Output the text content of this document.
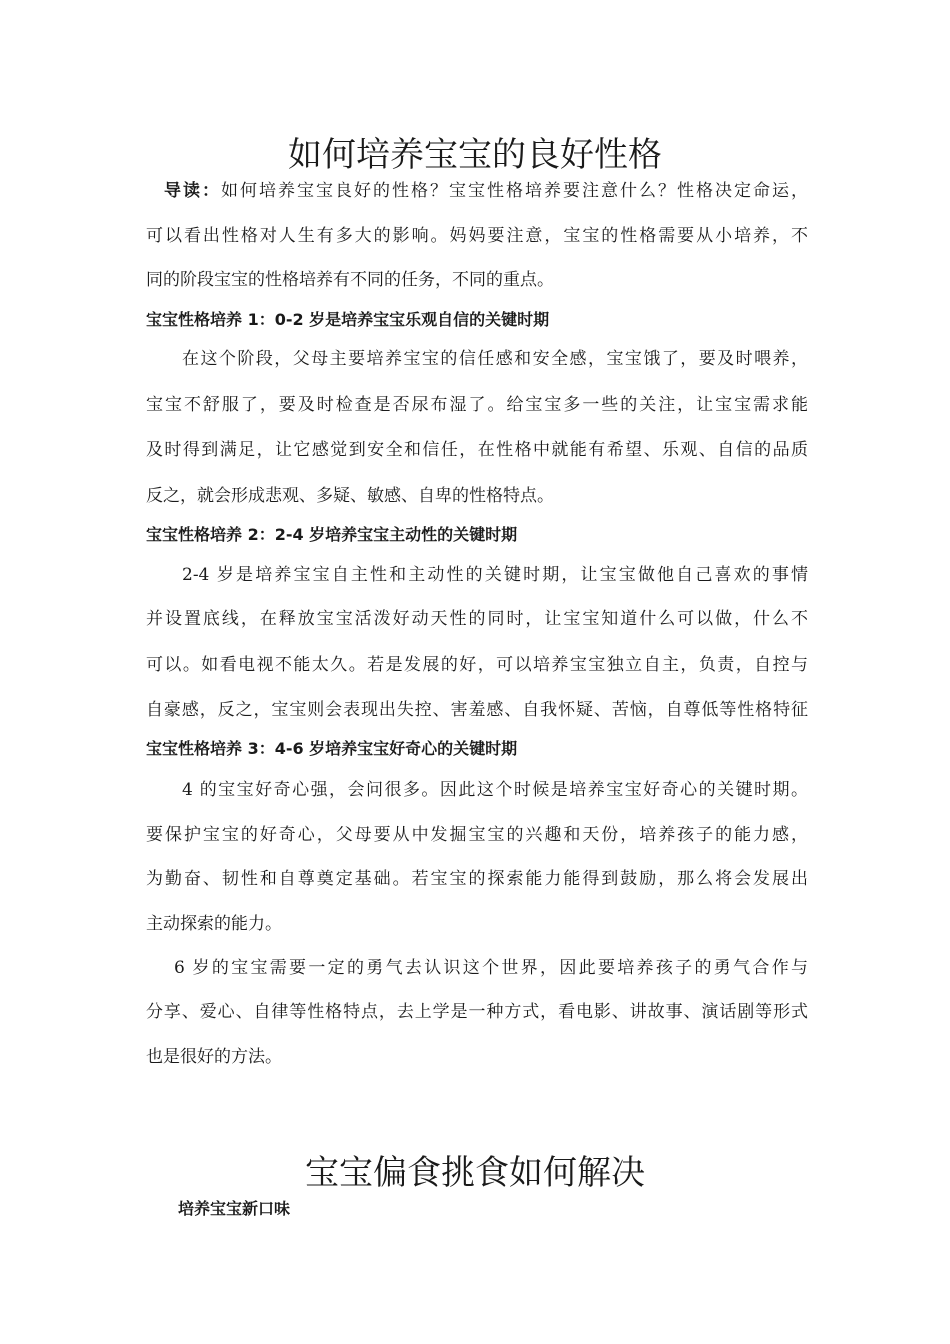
如何培养宝宝的良好性格
导读：如何培养宝宝良好的性格？宝宝性格培养要注意什么？性格决定命运，
可以看出性格对人生有多大的影响。妈妈要注意，宝宝的性格需要从小培养，不
同的阶段宝宝的性格培养有不同的任务，不同的重点。
宝宝性格培养 1：0-2 岁是培养宝宝乐观自信的关键时期
在这个阶段，父母主要培养宝宝的信任感和安全感，宝宝饿了，要及时喂养，
宝宝不舒服了，要及时检查是否尿布湿了。给宝宝多一些的关注，让宝宝需求能
及时得到满足，让它感觉到安全和信任，在性格中就能有希望、乐观、自信的品质
反之，就会形成悲观、多疑、敏感、自卑的性格特点。
宝宝性格培养 2：2-4 岁培养宝宝主动性的关键时期
2-4 岁是培养宝宝自主性和主动性的关键时期，让宝宝做他自己喜欢的事情
并设置底线，在释放宝宝活泼好动天性的同时，让宝宝知道什么可以做，什么不
可以。如看电视不能太久。若是发展的好，可以培养宝宝独立自主，负责，自控与
自豪感，反之，宝宝则会表现出失控、害羞感、自我怀疑、苦恼，自尊低等性格特征
宝宝性格培养 3：4-6 岁培养宝宝好奇心的关键时期
4 的宝宝好奇心强，会问很多。因此这个时候是培养宝宝好奇心的关键时期。
要保护宝宝的好奇心，父母要从中发掘宝宝的兴趣和天份，培养孩子的能力感，
为勤奋、韧性和自尊奠定基础。若宝宝的探索能力能得到鼓励，那么将会发展出
主动探索的能力。
6 岁的宝宝需要一定的勇气去认识这个世界，因此要培养孩子的勇气合作与
分享、爱心、自律等性格特点，去上学是一种方式，看电影、讲故事、演话剧等形式
也是很好的方法。
宝宝偏食挑食如何解决
培养宝宝新口味
